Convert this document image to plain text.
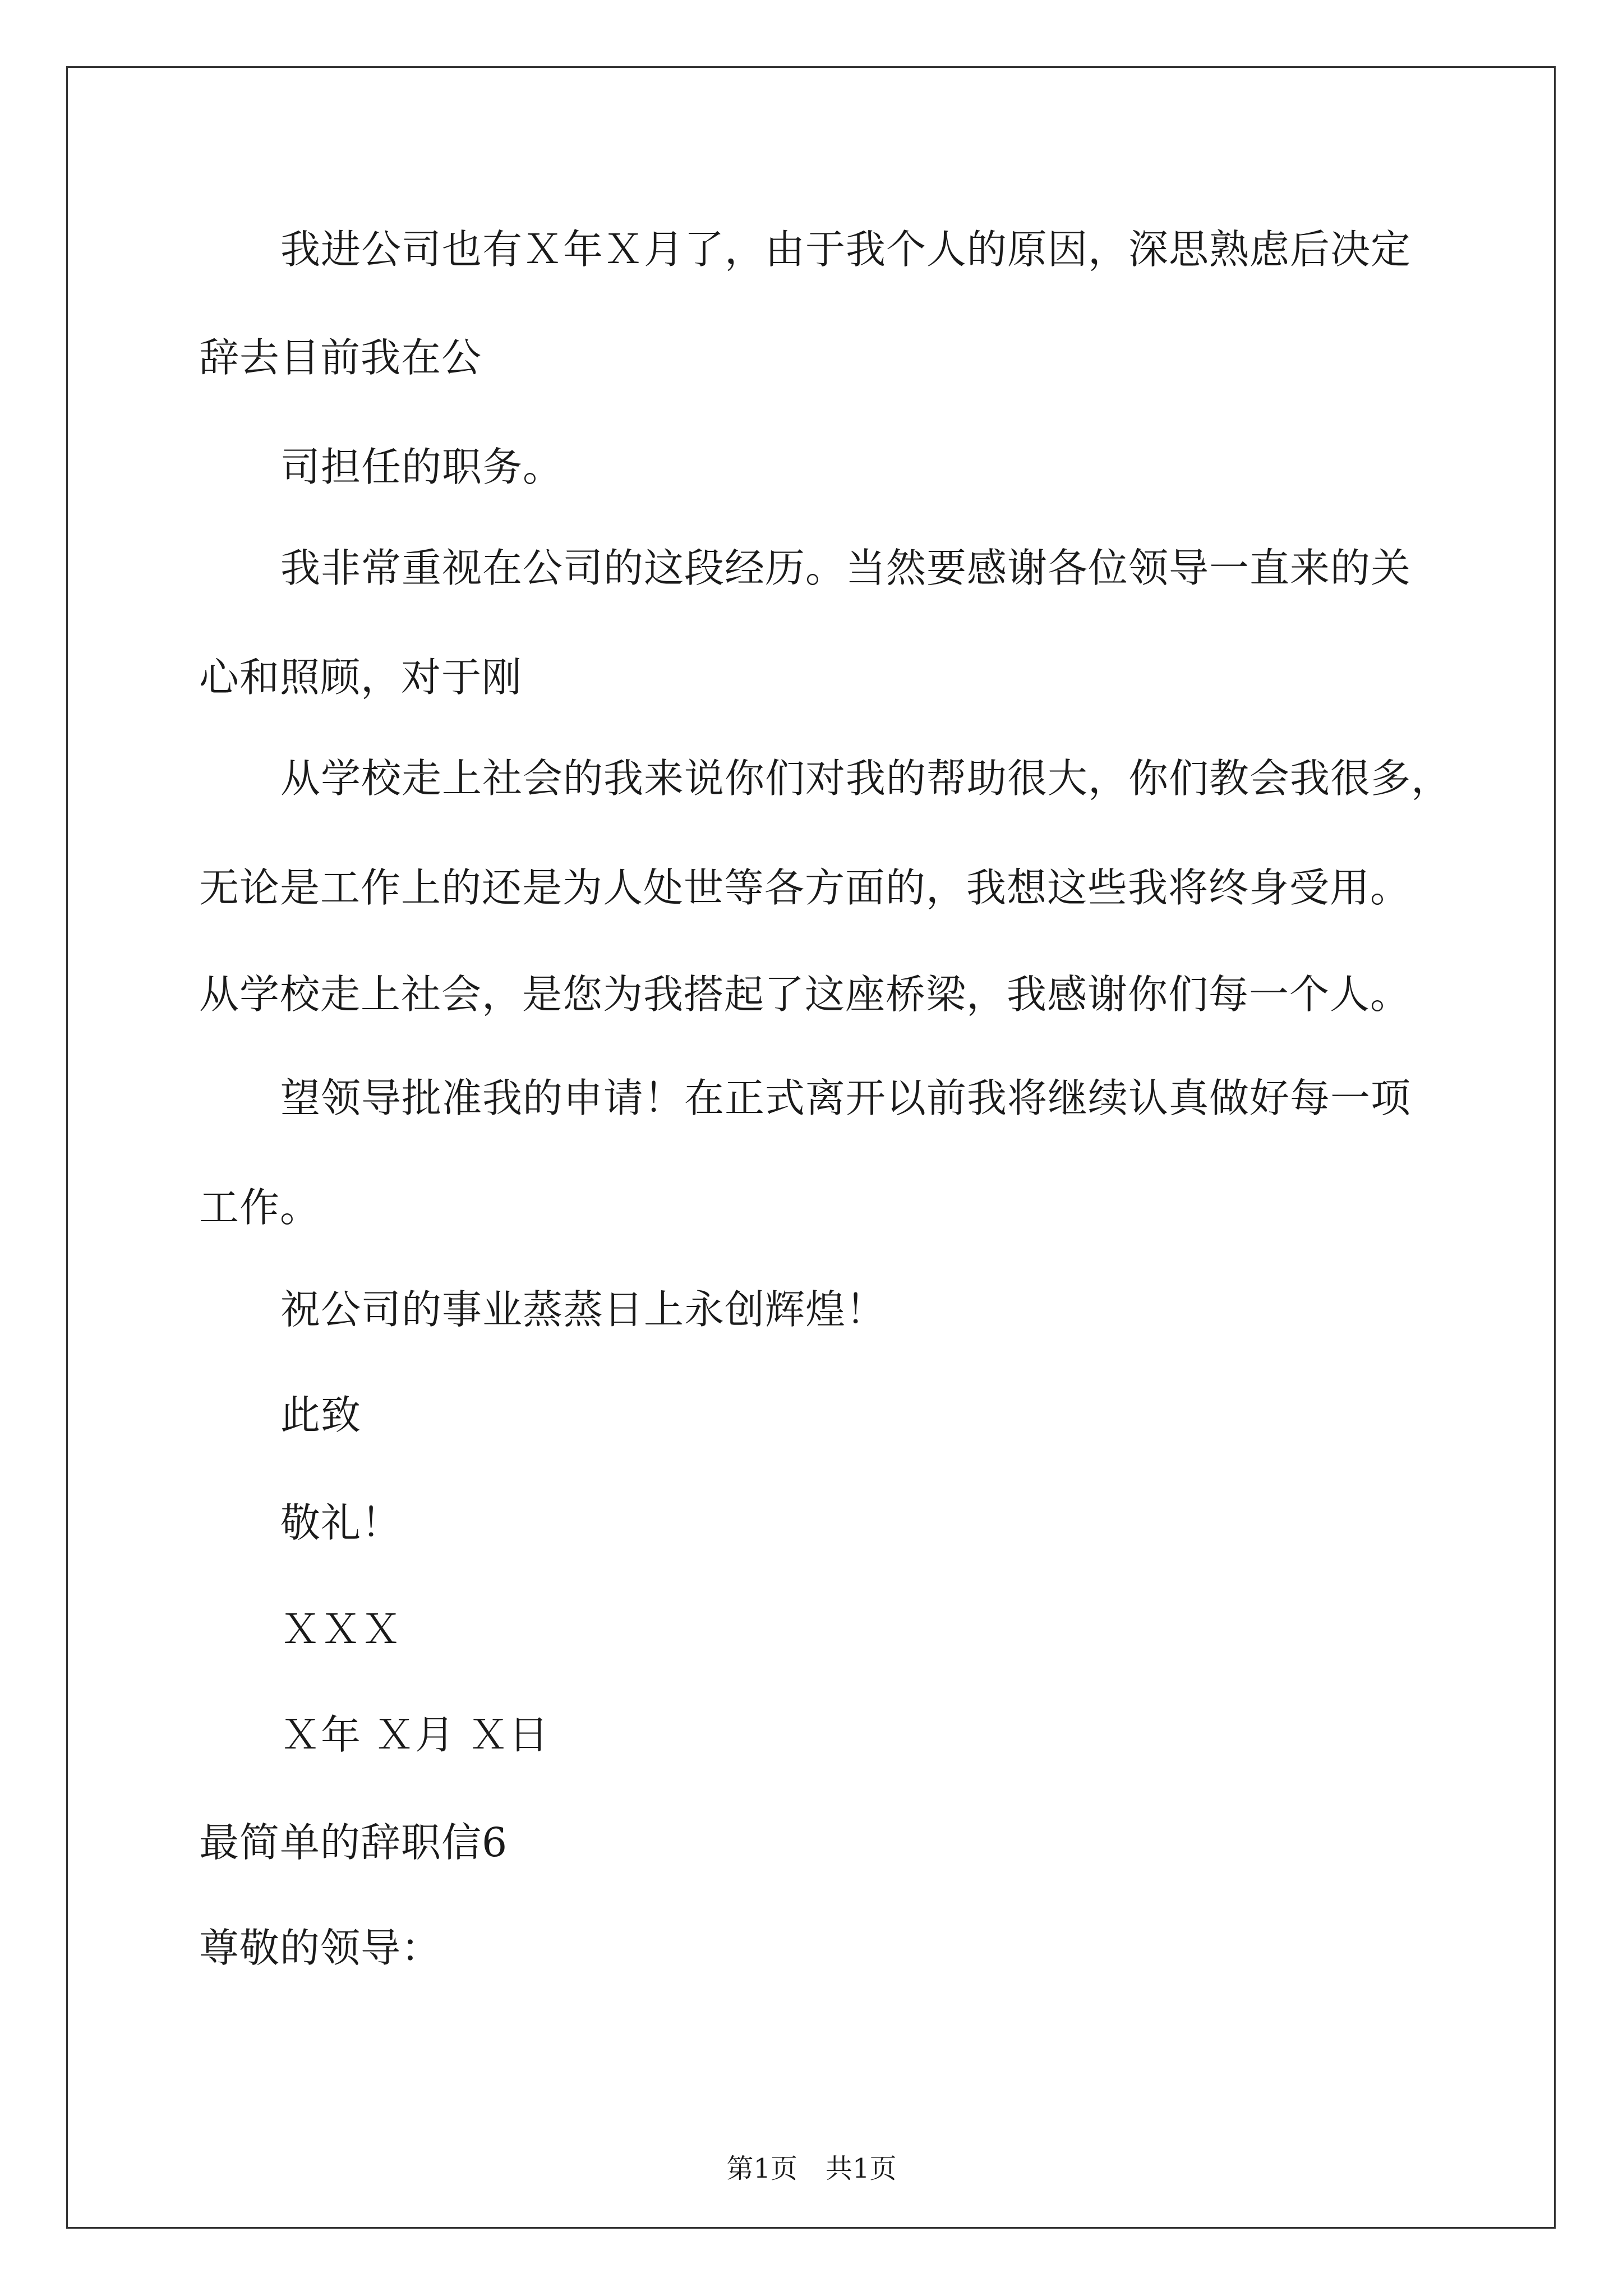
我进公司也有Ｘ年Ｘ月了，由于我个人的原因，深思熟虑后决定
辞去目前我在公
司担任的职务。
我非常重视在公司的这段经历。当然要感谢各位领导一直来的关
心和照顾，对于刚
从学校走上社会的我来说你们对我的帮助很大，你们教会我很多，
无论是工作上的还是为人处世等各方面的，我想这些我将终身受用。
从学校走上社会，是您为我搭起了这座桥梁，我感谢你们每一个人。
望领导批准我的申请！在正式离开以前我将继续认真做好每一项
工作。
祝公司的事业蒸蒸日上永创辉煌！
此致
敬礼！
ＸＸＸ
Ｘ年 Ｘ月 Ｘ日
最简单的辞职信6
尊敬的领导：
第1页 共1页
